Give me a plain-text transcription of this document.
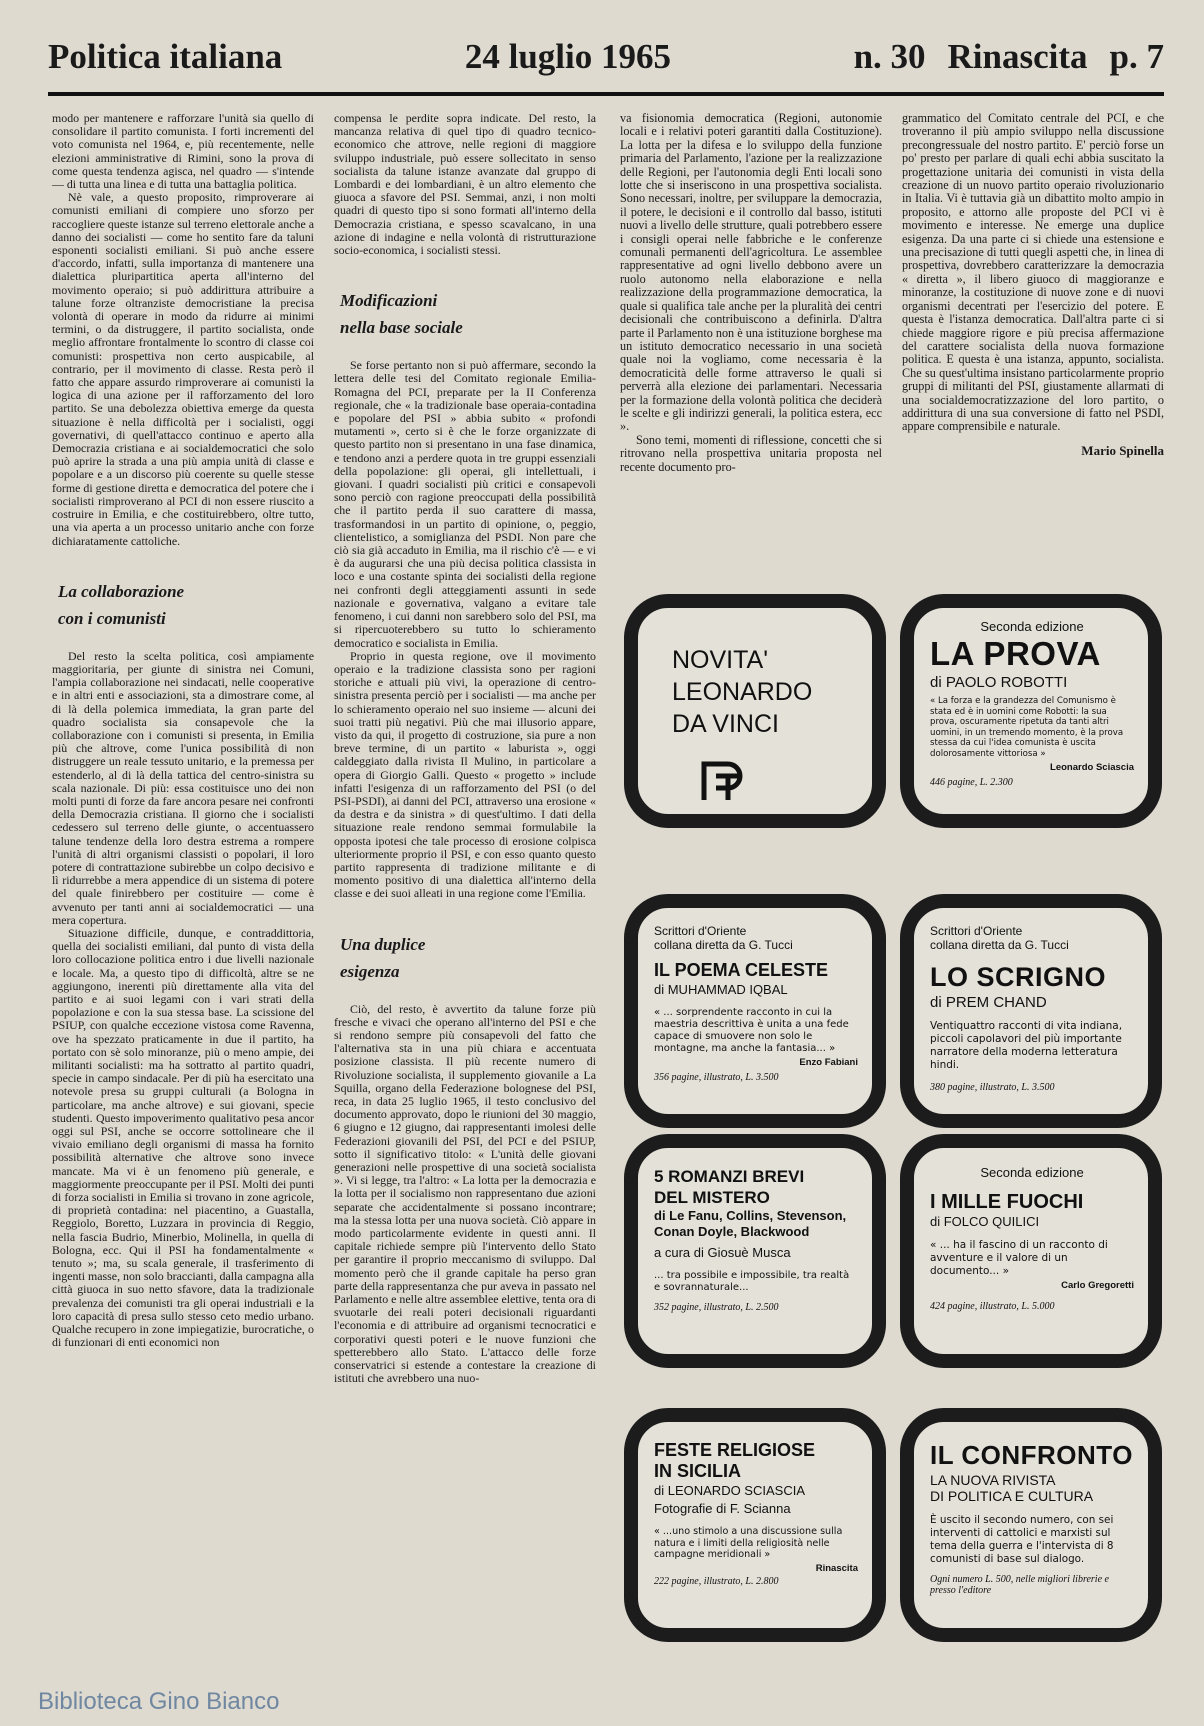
Politica italiana	24 luglio 1965	n. 30 Rinascita p. 7

modo per mantenere e rafforzare l'unità sia quello di consolidare il partito comunista. I forti incrementi del voto comunista nel 1964, e, più recentemente, nelle elezioni amministrative di Rimini, sono la prova di come questa tendenza agisca, nel quadro — s'intende — di tutta una linea e di tutta una battaglia politica.

Nè vale, a questo proposito, rimproverare ai comunisti emiliani di compiere uno sforzo per raccogliere queste istanze sul terreno elettorale anche a danno dei socialisti — come ho sentito fare da taluni esponenti socialisti emiliani. Si può anche essere d'accordo, infatti, sulla importanza di mantenere una dialettica pluripartitica aperta all'interno del movimento operaio; si può addirittura attribuire a talune forze oltranziste democristiane la precisa volontà di operare in modo da ridurre ai minimi termini, o da distruggere, il partito socialista, onde meglio affrontare frontalmente lo scontro di classe coi comunisti: prospettiva non certo auspicabile, al contrario, per il movimento di classe. Resta però il fatto che appare assurdo rimproverare ai comunisti la logica di una azione per il rafforzamento del loro partito. Se una debolezza obiettiva emerge da questa situazione è nella difficoltà per i socialisti, oggi governativi, di quell'attacco continuo e aperto alla Democrazia cristiana e ai socialdemocratici che solo può aprire la strada a una più ampia unità di classe e popolare e a un discorso più coerente su quelle stesse forme di gestione diretta e democratica del potere che i socialisti rimproverano al PCI di non essere riuscito a costruire in Emilia, e che costituirebbero, oltre tutto, una via aperta a un processo unitario anche con forze dichiaratamente cattoliche.

La collaborazione
con i comunisti

Del resto la scelta politica, così ampiamente maggioritaria, per giunte di sinistra nei Comuni, l'ampia collaborazione nei sindacati, nelle cooperative e in altri enti e associazioni, sta a dimostrare come, al di là della polemica immediata, la gran parte del quadro socialista sia consapevole che la collaborazione con i comunisti si presenta, in Emilia più che altrove, come l'unica possibilità di non distruggere un reale tessuto unitario, e la premessa per estenderlo, al di là della tattica del centro-sinistra su scala nazionale. Di più: essa costituisce uno dei non molti punti di forze da fare ancora pesare nei confronti della Democrazia cristiana. Il giorno che i socialisti cedessero sul terreno delle giunte, o accentuassero talune tendenze della loro destra estrema a rompere l'unità di altri organismi classisti o popolari, il loro potere di contrattazione subirebbe un colpo decisivo e lì ridurrebbe a mera appendice di un sistema di potere del quale finirebbero per costituire — come è avvenuto per tanti anni ai socialdemocratici — una mera copertura.

Situazione difficile, dunque, e contraddittoria, quella dei socialisti emiliani, dal punto di vista della loro collocazione politica entro i due livelli nazionale e locale. Ma, a questo tipo di difficoltà, altre se ne aggiungono, inerenti più direttamente alla vita del partito e ai suoi legami con i vari strati della popolazione e con la sua stessa base. La scissione del PSIUP, con qualche eccezione vistosa come Ravenna, ove ha spezzato praticamente in due il partito, ha portato con sè solo minoranze, più o meno ampie, dei militanti socialisti: ma ha sottratto al partito quadri, specie in campo sindacale. Per di più ha esercitato una notevole presa su gruppi culturali (a Bologna in particolare, ma anche altrove) e sui giovani, specie studenti. Questo impoverimento qualitativo pesa ancor oggi sul PSI, anche se occorre sottolineare che il vivaio emiliano degli organismi di massa ha fornito possibilità alternative che altrove sono invece mancate. Ma vi è un fenomeno più generale, e maggiormente preoccupante per il PSI. Molti dei punti di forza socialisti in Emilia si trovano in zone agricole, di proprietà contadina: nel piacentino, a Guastalla, Reggiolo, Boretto, Luzzara in provincia di Reggio, nella fascia Budrio, Minerbio, Molinella, in quella di Bologna, ecc. Qui il PSI ha fondamentalmente « tenuto »; ma, su scala generale, il trasferimento di ingenti masse, non solo braccianti, dalla campagna alla città giuoca in suo netto sfavore, data la tradizionale prevalenza dei comunisti tra gli operai industriali e la loro capacità di presa sullo stesso ceto medio urbano. Qualche recupero in zone impiegatizie, burocratiche, o di funzionari di enti economici non

compensa le perdite sopra indicate. Del resto, la mancanza relativa di quel tipo di quadro tecnico-economico che attrove, nelle regioni di maggiore sviluppo industriale, può essere sollecitato in senso socialista da talune istanze avanzate dal gruppo di Lombardi e dei lombardiani, è un altro elemento che giuoca a sfavore del PSI. Semmai, anzi, i non molti quadri di questo tipo si sono formati all'interno della Democrazia cristiana, e spesso scavalcano, in una azione di indagine e nella volontà di ristrutturazione socio-economica, i socialisti stessi.

Modificazioni
nella base sociale

Se forse pertanto non si può affermare, secondo la lettera delle tesi del Comitato regionale Emilia-Romagna del PCI, preparate per la II Conferenza regionale, che « la tradizionale base operaia-contadina e popolare del PSI » abbia subito « profondi mutamenti », certo si è che le forze organizzate di questo partito non si presentano in una fase dinamica, e tendono anzi a perdere quota in tre gruppi essenziali della popolazione: gli operai, gli intellettuali, i giovani. I quadri socialisti più critici e consapevoli sono perciò con ragione preoccupati della possibilità che il partito perda il suo carattere di massa, trasformandosi in un partito di opinione, o, peggio, clientelistico, a somiglianza del PSDI. Non pare che ciò sia già accaduto in Emilia, ma il rischio c'è — e vi è da augurarsi che una più decisa politica classista in loco e una costante spinta dei socialisti della regione nei confronti degli atteggiamenti assunti in sede nazionale e governativa, valgano a evitare tale fenomeno, i cui danni non sarebbero solo del PSI, ma si ripercuoterebbero su tutto lo schieramento democratico e socialista in Emilia.

Proprio in questa regione, ove il movimento operaio e la tradizione classista sono per ragioni storiche e attuali più vivi, la operazione di centro-sinistra presenta perciò per i socialisti — ma anche per lo schieramento operaio nel suo insieme — alcuni dei suoi tratti più negativi. Più che mai illusorio appare, visto da qui, il progetto di costruzione, sia pure a non breve termine, di un partito « laburista », oggi caldeggiato dalla rivista Il Mulino, in particolare a opera di Giorgio Galli. Questo « progetto » include infatti l'esigenza di un rafforzamento del PSI (o del PSI-PSDI), ai danni del PCI, attraverso una erosione « da destra e da sinistra » di quest'ultimo. I dati della situazione reale rendono semmai formulabile la opposta ipotesi che tale processo di erosione colpisca ulteriormente proprio il PSI, e con esso quanto questo partito rappresenta di tradizione militante e di momento positivo di una dialettica all'interno della classe e dei suoi alleati in una regione come l'Emilia.

Una duplice
esigenza

Ciò, del resto, è avvertito da talune forze più fresche e vivaci che operano all'interno del PSI e che si rendono sempre più consapevoli del fatto che l'alternativa sta in una più chiara e accentuata posizione classista. Il più recente numero di Rivoluzione socialista, il supplemento giovanile a La Squilla, organo della Federazione bolognese del PSI, reca, in data 25 luglio 1965, il testo conclusivo del documento approvato, dopo le riunioni del 30 maggio, 6 giugno e 12 giugno, dai rappresentanti imolesi delle Federazioni giovanili del PSI, del PCI e del PSIUP, sotto il significativo titolo: « L'unità delle giovani generazioni nelle prospettive di una società socialista ». Vi si legge, tra l'altro: « La lotta per la democrazia e la lotta per il socialismo non rappresentano due azioni separate che accidentalmente si possano incontrare; ma la stessa lotta per una nuova società. Ciò appare in modo particolarmente evidente in questi anni. Il capitale richiede sempre più l'intervento dello Stato per garantire il proprio meccanismo di sviluppo. Dal momento però che il grande capitale ha perso gran parte della rappresentanza che pur aveva in passato nel Parlamento e nelle altre assemblee elettive, tenta ora di svuotarle dei reali poteri decisionali riguardanti l'economia e di attribuire ad organismi tecnocratici e corporativi questi poteri e le nuove funzioni che spetterebbero allo Stato. L'attacco delle forze conservatrici si estende a contestare la creazione di istituti che avrebbero una nuo-

va fisionomia democratica (Regioni, autonomie locali e i relativi poteri garantiti dalla Costituzione). La lotta per la difesa e lo sviluppo della funzione primaria del Parlamento, l'azione per la realizzazione delle Regioni, per l'autonomia degli Enti locali sono lotte che si inseriscono in una prospettiva socialista. Sono necessari, inoltre, per sviluppare la democrazia, il potere, le decisioni e il controllo dal basso, istituti nuovi a livello delle strutture, quali potrebbero essere i consigli operai nelle fabbriche e le conferenze comunali permanenti dell'agricoltura. Le assemblee rappresentative ad ogni livello debbono avere un ruolo autonomo nella elaborazione e nella realizzazione della programmazione democratica, la quale si qualifica tale anche per la pluralità dei centri decisionali che contribuiscono a definirla. D'altra parte il Parlamento non è una istituzione borghese ma un istituto democratico necessario in una società quale noi la vogliamo, come necessaria è la democraticità delle forme attraverso le quali si perverrà alla elezione dei parlamentari. Necessaria per la formazione della volontà politica che deciderà le scelte e gli indirizzi generali, la politica estera, ecc ».

Sono temi, momenti di riflessione, concetti che si ritrovano nella prospettiva unitaria proposta nel recente documento pro-

grammatico del Comitato centrale del PCI, e che troveranno il più ampio sviluppo nella discussione precongressuale del nostro partito. E' perciò forse un po' presto per parlare di quali echi abbia suscitato la progettazione unitaria dei comunisti in vista della creazione di un nuovo partito operaio rivoluzionario in Italia. Vi è tuttavia già un dibattito molto ampio in proposito, e attorno alle proposte del PCI vi è movimento e interesse. Ne emerge una duplice esigenza. Da una parte ci si chiede una estensione e una precisazione di tutti quegli aspetti che, in linea di prospettiva, dovrebbero caratterizzare la democrazia « diretta », il libero giuoco di maggioranze e minoranze, la costituzione di nuove zone e di nuovi organismi decentrati per l'esercizio del potere. E questa è l'istanza democratica. Dall'altra parte ci si chiede maggiore rigore e più precisa affermazione del carattere socialista della nuova formazione politica. E questa è una istanza, appunto, socialista. Che su quest'ultima insistano particolarmente proprio gruppi di militanti del PSI, giustamente allarmati di una socialdemocratizzazione del loro partito, o addirittura di una sua conversione di fatto nel PSDI, appare comprensibile e naturale.

Mario Spinella
NOVITA'
LEONARDO
DA VINCI
Seconda edizione
LA PROVA
di PAOLO ROBOTTI
« La forza e la grandezza del Comunismo è stata ed è in uomini come Robotti: la sua prova, oscuramente ripetuta da tanti altri uomini, in un tremendo momento, è la prova stessa da cui l'idea comunista è uscita dolorosamente vittoriosa »
Leonardo Sciascia
446 pagine, L. 2.300
Scrittori d'Oriente
collana diretta da G. Tucci
IL POEMA CELESTE
di MUHAMMAD IQBAL
« ... sorprendente racconto in cui la maestria descrittiva è unita a una fede capace di smuovere non solo le montagne, ma anche la fantasia... »
Enzo Fabiani
356 pagine, illustrato, L. 3.500
Scrittori d'Oriente
collana diretta da G. Tucci
LO SCRIGNO
di PREM CHAND
Ventiquattro racconti di vita indiana, piccoli capolavori del più importante narratore della moderna letteratura hindi.
380 pagine, illustrato, L. 3.500
5 ROMANZI BREVI
DEL MISTERO
di Le Fanu, Collins, Stevenson, Conan Doyle, Blackwood
a cura di Giosuè Musca
... tra possibile e impossibile, tra realtà e sovrannaturale...
352 pagine, illustrato, L. 2.500
Seconda edizione
I MILLE FUOCHI
di FOLCO QUILICI
« ... ha il fascino di un racconto di avventure e il valore di un documento... »
Carlo Gregoretti
424 pagine, illustrato, L. 5.000
FESTE RELIGIOSE
IN SICILIA
di LEONARDO SCIASCIA
Fotografie di F. Scianna
« ...uno stimolo a una discussione sulla natura e i limiti della religiosità nelle campagne meridionali »
Rinascita
222 pagine, illustrato, L. 2.800
IL CONFRONTO
LA NUOVA RIVISTA
DI POLITICA E CULTURA
È uscito il secondo numero, con sei interventi di cattolici e marxisti sul tema della guerra e l'intervista di 8 comunisti di base sul dialogo.
Ogni numero L. 500, nelle migliori librerie e presso l'editore
Biblioteca Gino Bianco
